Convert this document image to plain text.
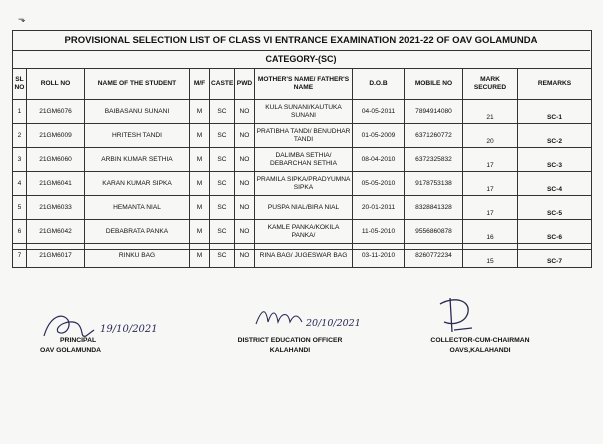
⬎
PROVISIONAL SELECTION LIST OF CLASS VI ENTRANCE EXAMINATION 2021-22 OF OAV GOLAMUNDA
CATEGORY-(SC)
SL NO	ROLL NO	NAME OF THE STUDENT	M/F	CASTE	PWD	MOTHER'S NAME/ FATHER'S NAME	D.O.B	MOBILE NO	MARK SECURED	REMARKS
1	21GM6076	BAIBASANU SUNANI	M	SC	NO	KULA SUNANI/KAUTUKA SUNANI	04-05-2011	7894914080	21	SC-1
2	21GM6009	HRITESH TANDI	M	SC	NO	PRATIBHA TANDI/ BENUDHAR TANDI	01-05-2009	6371260772	20	SC-2
3	21GM6060	ARBIN KUMAR SETHIA	M	SC	NO	DALIMBA SETHIA/ DEBARCHAN SETHIA	08-04-2010	6372325832	17	SC-3
4	21GM6041	KARAN KUMAR SIPKA	M	SC	NO	PRAMILA SIPKA/PRADYUMNA SIPKA	05-05-2010	9178753138	17	SC-4
5	21GM6033	HEMANTA NIAL	M	SC	NO	PUSPA NIAL/BIRA NIAL	20-01-2011	8328841328	17	SC-5
6	21GM6042	DEBABRATA PANKA	M	SC	NO	KAMLE PANKA/KOKILA PANKA/	11-05-2010	9556860878	16	SC-6
7	21GM6017	RINKU BAG	M	SC	NO	RINA BAG/ JUGESWAR BAG	03-11-2010	8260772234	15	SC-7
19/10/2021
PRINCIPAL
OAV GOLAMUNDA
20/10/2021
DISTRICT EDUCATION OFFICER
KALAHANDI
COLLECTOR-CUM-CHAIRMAN
OAVS,KALAHANDI
